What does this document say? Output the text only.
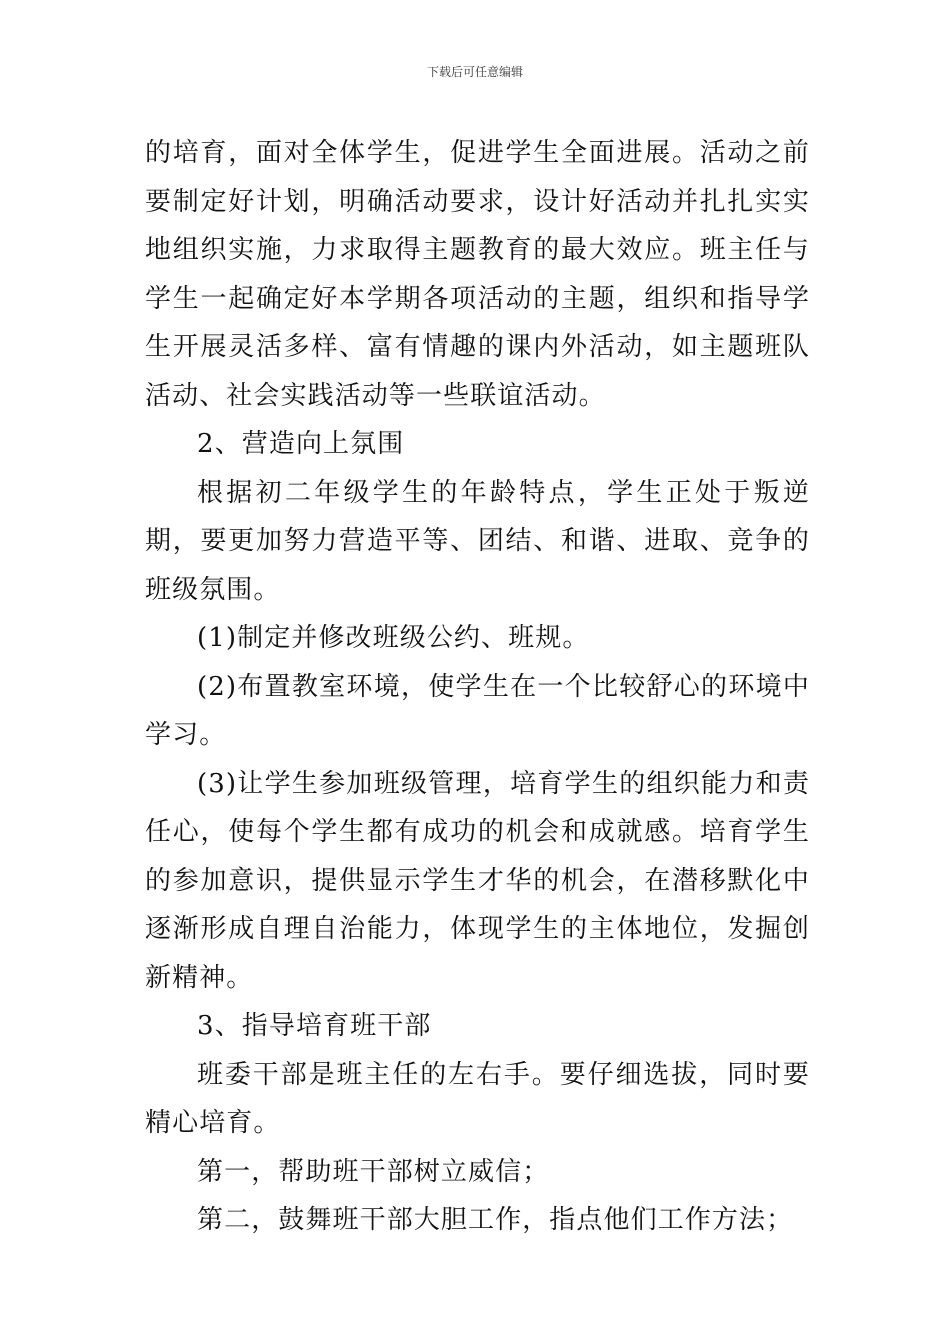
下载后可任意编辑

的培育，面对全体学生，促进学生全面进展。活动之前要制定好计划，明确活动要求，设计好活动并扎扎实实地组织实施，力求取得主题教育的最大效应。班主任与学生一起确定好本学期各项活动的主题，组织和指导学生开展灵活多样、富有情趣的课内外活动，如主题班队活动、社会实践活动等一些联谊活动。

2、营造向上氛围

根据初二年级学生的年龄特点，学生正处于叛逆期，要更加努力营造平等、团结、和谐、进取、竞争的班级氛围。

(1)制定并修改班级公约、班规。

(2)布置教室环境，使学生在一个比较舒心的环境中学习。

(3)让学生参加班级管理，培育学生的组织能力和责任心，使每个学生都有成功的机会和成就感。培育学生的参加意识，提供显示学生才华的机会，在潜移默化中逐渐形成自理自治能力，体现学生的主体地位，发掘创新精神。

3、指导培育班干部

班委干部是班主任的左右手。要仔细选拔，同时要精心培育。

第一，帮助班干部树立威信；

第二，鼓舞班干部大胆工作，指点他们工作方法；
